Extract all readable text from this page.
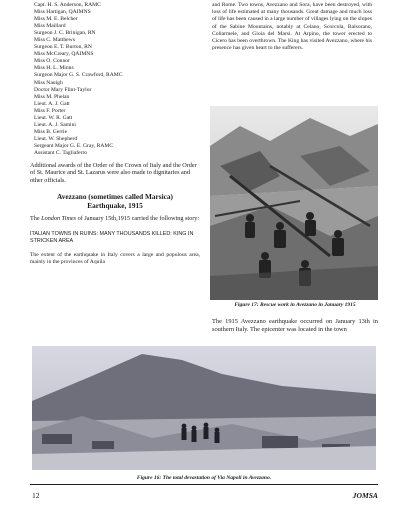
Capt. H. S. Anderson, RAMC
Miss Hartigan, QAIMNS
Miss M. E. Belcher
Miss Maillard
Surgeon J. C. Brinigan, RN
Miss C. Matthews
Surgeon E. T. Burton, RN
Miss McCreary, QAIMNS
Miss O. Connor
Miss H. L. Minns
Surgeon Major G. S. Crawford, RAMC
Miss Nauigh
Doctor Mary Flint-Taylor
Miss M. Phelan
Lieut. A. J. Gatt
Miss F. Porter
Lieut. W. R. Gatt
Lieut. A. J. Samini
Miss B. Gerrie
Lieut. W. Shepherd
Sergeant Major G. E. Gray, RAMC
Assistant C. Tagliaferro

Additional awards of the Order of the Crown of Italy and the Order of St. Maurice and St. Lazarus were also made to dignitaries and other officials.

Avezzano (sometimes called Marsica)
Earthquake, 1915

The London Times of January 15th,1915 carried the following story:

ITALIAN TOWNS IN RUINS: MANY THOUSANDS KILLED: KING IN STRICKEN AREA

The extent of the earthquake in Italy covers a large and populous area, mainly in the provinces of Aquila

and Rome. Two towns, Avezzano and Sora, have been destroyed, with loss of life estimated at many thousands. Great damage and much loss of life has been caused in a large number of villages lying on the slopes of the Sabine Mountains, notably at Celano, Scorcola, Balsorano, Collarmele, and Gioia del Marsi. At Arpino, the tower erected to Cicero has been overthrown. The King has visited Avezzano, where his presence has given heart to the sufferers.

Figure 17: Rescue work in Avezzano in January 1915

The 1915 Avezzano earthquake occurred on January 13th in southern Italy. The epicenter was located in the town

Figure 16: The total devastation of Via Napoli in Avezzano.
12	JOMSA
